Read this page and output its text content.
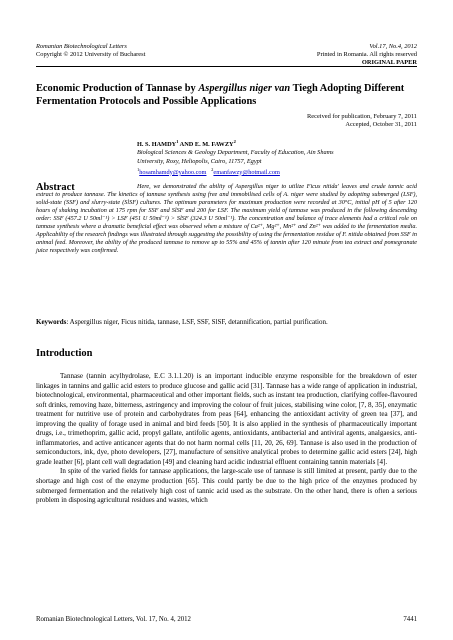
Romanian Biotechnological Letters
Copyright © 2012 University of Bucharest
Vol.17, No.4, 2012
Printed in Romania. All rights reserved
ORIGINAL PAPER
Economic Production of Tannase by Aspergillus niger van Tiegh Adopting Different Fermentation Protocols and Possible Applications
Received for publication, February 7, 2011
Accepted, October 31, 2011
H. S. HAMDY$^1$ AND E. M. FAWZY$^2$
Biological Sciences & Geology Department, Faculty of Education, Ain Shams
University, Roxy, Heliopolis, Cairo, 11757, Egypt
$^1$hosamhamdy@yahoo.com $^2$emanfawzy@hotmail.com
Abstract	Here, we demonstrated the ability of Aspergillus niger to utilize Ficus nitida' leaves and crude tannic acid extract to produce tannase. The kinetics of tannase synthesis using free and immobilised cells of A. niger were studied by adopting submerged (LSF), solid-state (SSF) and slurry-state (SlSF) cultures. The optimum parameters for maximum production were recorded at 30°C, initial pH of 5 after 120 hours of shaking incubation at 175 rpm for SSF and SlSF and 200 for LSF. The maximum yield of tannase was produced in the following descending order: SSF (457.2 U 50ml⁻¹) > LSF (451 U 50ml⁻¹) > SlSF (324.3 U 50ml⁻¹). The concentration and balance of trace elements had a critical role on tannase synthesis where a dramatic beneficial effect was observed when a mixture of Ca²⁺, Mg²⁺, Mn²⁺ and Zn²⁺ was added to the fermentation media. Applicability of the research findings was illustrated through suggesting the possibility of using the fermentation residue of F. nitida obtained from SSF in animal feed. Moreover, the ability of the produced tannase to remove up to 55% and 45% of tannin after 120 minute from tea extract and pomegranate juice respectively was confirmed.
Keywords: Aspergillus niger, Ficus nitida, tannase, LSF, SSF, SlSF, detannification, partial purification.
Introduction

Tannase (tannin acylhydrolase, E.C 3.1.1.20) is an important inducible enzyme responsible for the breakdown of ester linkages in tannins and gallic acid esters to produce glucose and gallic acid [31]. Tannase has a wide range of application in industrial, biotechnological, environmental, pharmaceutical and other important fields, such as instant tea production, clarifying coffee-flavoured soft drinks, removing haze, bitterness, astringency and improving the colour of fruit juices, stabilising wine color, [7, 8, 35], enzymatic treatment for nutritive use of protein and carbohydrates from peas [64], enhancing the antioxidant activity of green tea [37], and improving the quality of forage used in animal and bird feeds [50]. It is also applied in the synthesis of pharmaceutically important drugs, i.e., trimethoprim, gallic acid, propyl gallate, antifolic agents, antioxidants, antibacterial and antiviral agents, analgaesics, anti-inflammatories, and active anticancer agents that do not harm normal cells [11, 20, 26, 69]. Tannase is also used in the production of semiconductors, ink, dye, photo developers, [27], manufacture of sensitive analytical probes to determine gallic acid esters [24], high grade leather [6], plant cell wall degradation [49] and cleaning hard acidic industrial effluent containing tannin materials [4].

In spite of the varied fields for tannase applications, the large-scale use of tannase is still limited at present, partly due to the shortage and high cost of the enzyme production [65]. This could partly be due to the high price of the enzymes produced by submerged fermentation and the relatively high cost of tannic acid used as the substrate. On the other hand, there is often a serious problem in disposing agricultural residues and wastes, which

Romanian Biotechnological Letters, Vol. 17, No. 4, 2012	7441
